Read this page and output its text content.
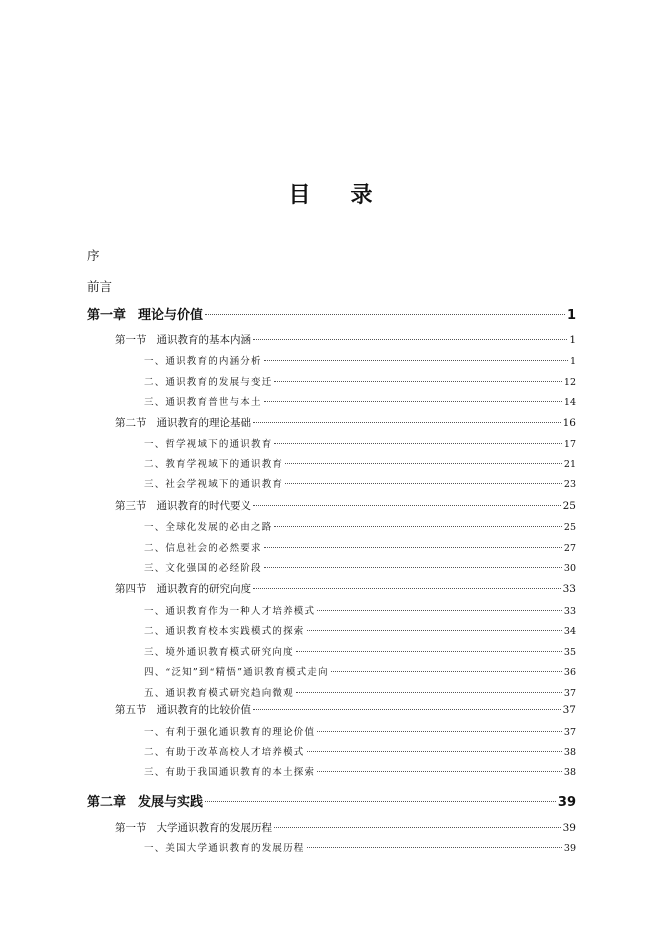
目 录
序
前言
第一章 理论与价值	1
第一节 通识教育的基本内涵	1
一、 通识教育的内涵分析	1
二、 通识教育的发展与变迁	12
三、 通识教育普世与本土	14
第二节 通识教育的理论基础	16
一、 哲学视域下的通识教育	17
二、 教育学视域下的通识教育	21
三、 社会学视域下的通识教育	23
第三节 通识教育的时代要义	25
一、 全球化发展的必由之路	25
二、 信息社会的必然要求	27
三、 文化强国的必经阶段	30
第四节 通识教育的研究向度	33
一、 通识教育作为一种人才培养模式	33
二、 通识教育校本实践模式的探索	34
三、 境外通识教育模式研究向度	35
四、 “泛知”到“精悟”通识教育模式走向	36
五、 通识教育模式研究趋向微观	37
第五节 通识教育的比较价值	37
一、 有利于强化通识教育的理论价值	37
二、 有助于改革高校人才培养模式	38
三、 有助于我国通识教育的本土探索	38
第二章 发展与实践	39
第一节 大学通识教育的发展历程	39
一、 美国大学通识教育的发展历程	39
